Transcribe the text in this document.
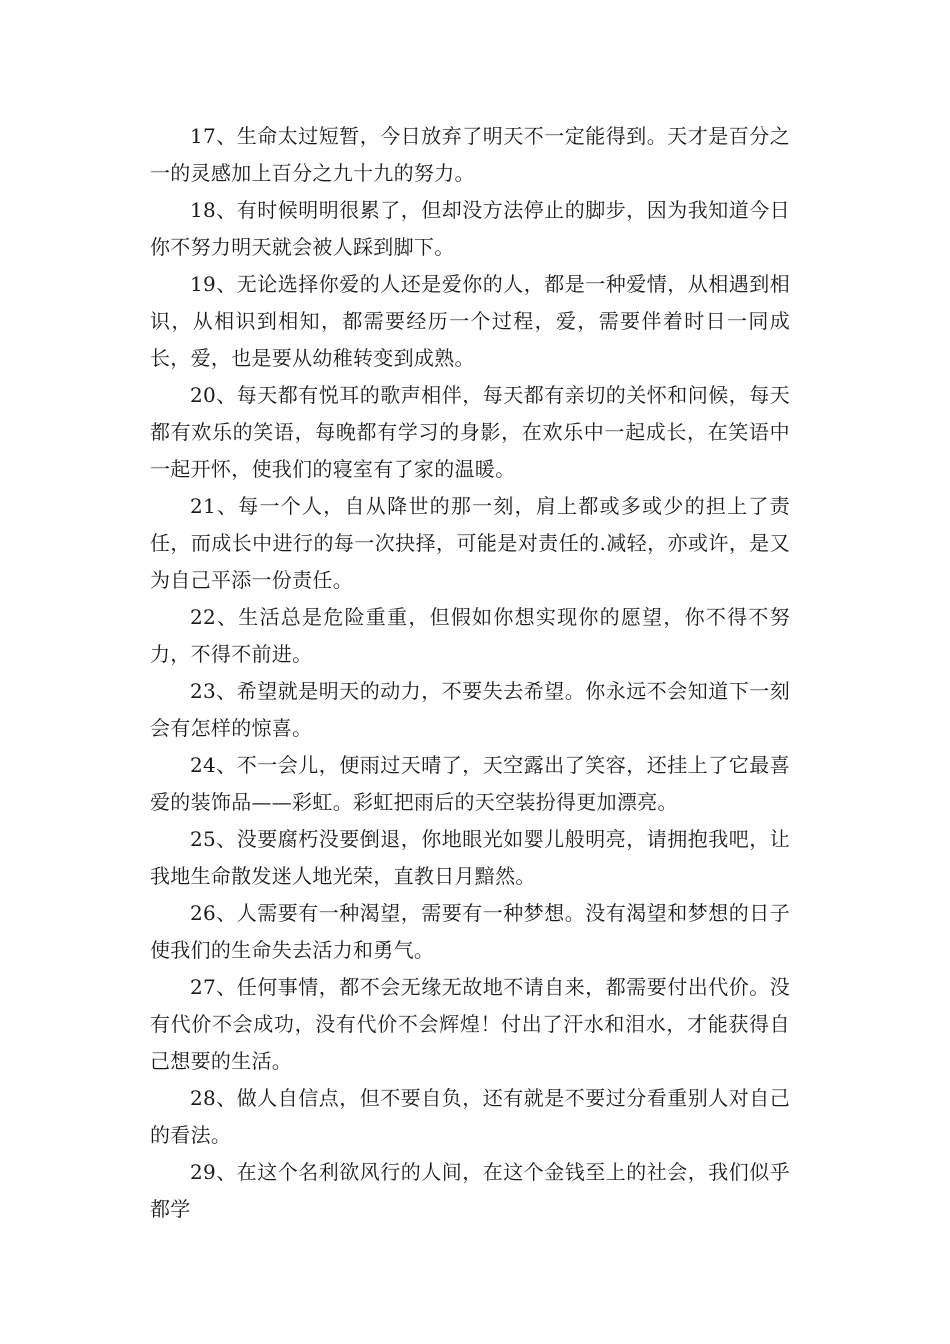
17、生命太过短暂，今日放弃了明天不一定能得到。天才是百分之一的灵感加上百分之九十九的努力。

18、有时候明明很累了，但却没方法停止的脚步，因为我知道今日你不努力明天就会被人踩到脚下。

19、无论选择你爱的人还是爱你的人，都是一种爱情，从相遇到相识，从相识到相知，都需要经历一个过程，爱，需要伴着时日一同成长，爱，也是要从幼稚转变到成熟。

20、每天都有悦耳的歌声相伴，每天都有亲切的关怀和问候，每天都有欢乐的笑语，每晚都有学习的身影，在欢乐中一起成长，在笑语中一起开怀，使我们的寝室有了家的温暖。

21、每一个人，自从降世的那一刻，肩上都或多或少的担上了责任，而成长中进行的每一次抉择，可能是对责任的.减轻，亦或许，是又为自己平添一份责任。

22、生活总是危险重重，但假如你想实现你的愿望，你不得不努力，不得不前进。

23、希望就是明天的动力，不要失去希望。你永远不会知道下一刻会有怎样的惊喜。

24、不一会儿，便雨过天晴了，天空露出了笑容，还挂上了它最喜爱的装饰品——彩虹。彩虹把雨后的天空装扮得更加漂亮。

25、没要腐朽没要倒退，你地眼光如婴儿般明亮，请拥抱我吧，让我地生命散发迷人地光荣，直教日月黯然。

26、人需要有一种渴望，需要有一种梦想。没有渴望和梦想的日子使我们的生命失去活力和勇气。

27、任何事情，都不会无缘无故地不请自来，都需要付出代价。没有代价不会成功，没有代价不会辉煌！付出了汗水和泪水，才能获得自己想要的生活。

28、做人自信点，但不要自负，还有就是不要过分看重别人对自己的看法。

29、在这个名利欲风行的人间，在这个金钱至上的社会，我们似乎都学
